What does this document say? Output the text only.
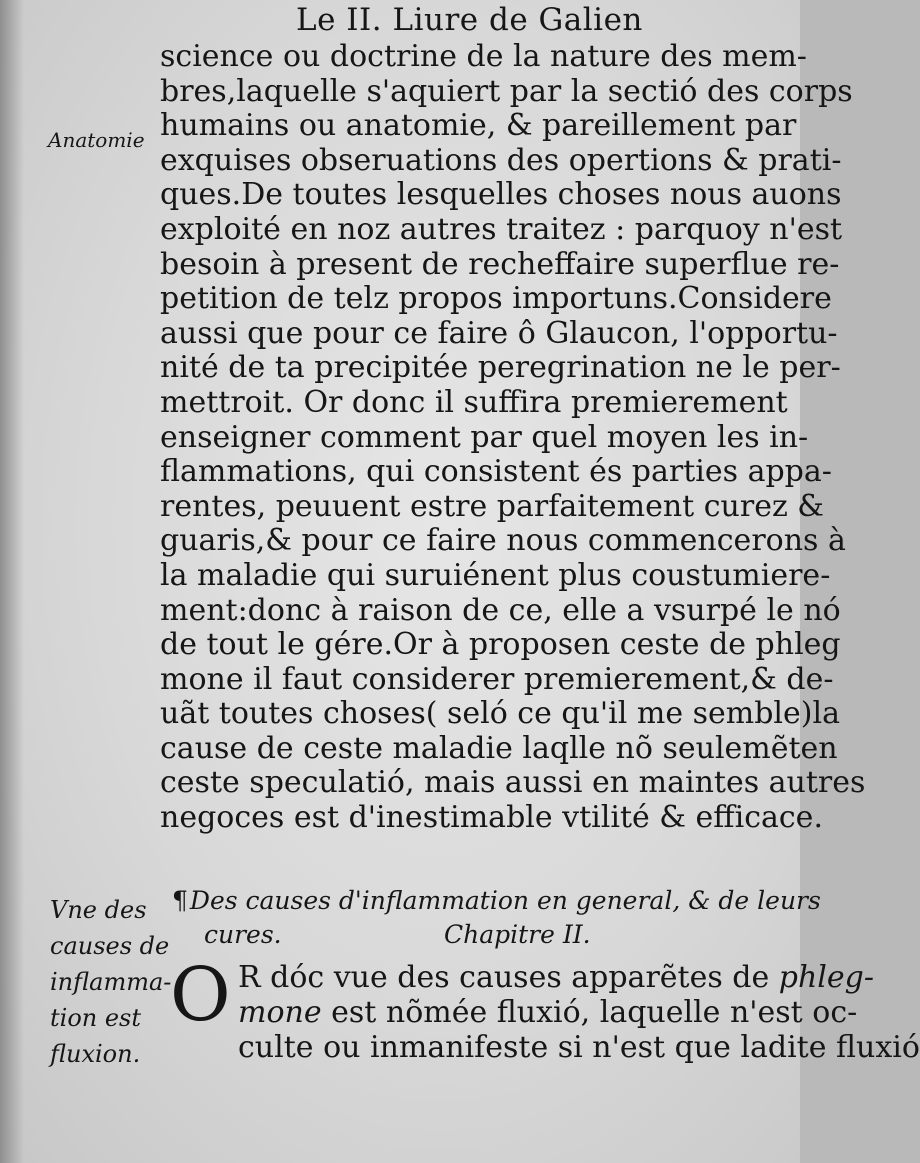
Le II. Liure de Galien
Anatomie
science ou doctrine de la nature des mem-
bres,laquelle s'aquiert par la sectió des corps
humains ou anatomie, & pareillement par
exquises obseruations des opertions & prati-
ques.De toutes lesquelles choses nous auons
exploité en noz autres traitez : parquoy n'est
besoin à present de recheffaire superflue re-
petition de telz propos importuns.Considere
aussi que pour ce faire ô Glaucon, l'opportu-
nité de ta precipitée peregrination ne le per-
mettroit. Or donc il suffira premierement
enseigner comment par quel moyen les in-
flammations, qui consistent és parties appa-
rentes, peuuent estre parfaitement curez &
guaris,& pour ce faire nous commencerons à
la maladie qui suruiénent plus coustumiere-
ment:donc à raison de ce, elle a vsurpé le nó
de tout le gére.Or à proposen ceste de phleg
mone il faut considerer premierement,& de-
uãt toutes choses( seló ce qu'il me semble)la
cause de ceste maladie laqlle nõ seulemẽten
ceste speculatió, mais aussi en maintes autres
negoces est d'inestimable vtilité & efficace.
Vne des
causes de
inflamma-
tion est
fluxion.
¶Des causes d'inflammation en general, & de leurs
cures.	Chapitre II.
O R dóc vue des causes apparẽtes de phleg-
mone est nõmée fluxió, laquelle n'est oc-
culte ou inmanifeste si n'est que ladite fluxió
